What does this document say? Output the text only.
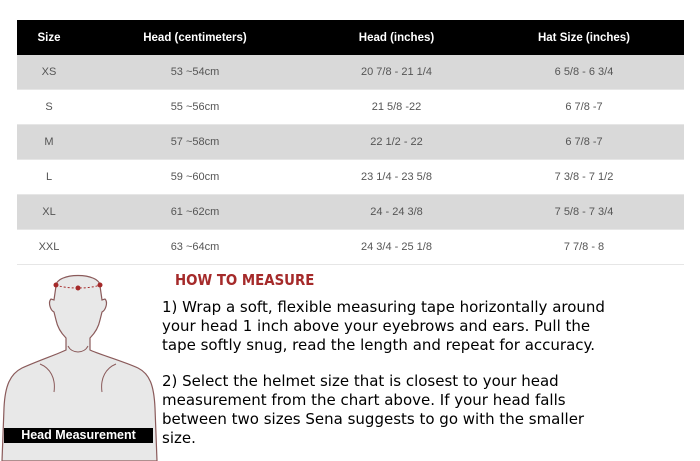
Size	Head (centimeters)	Head (inches)	Hat Size (inches)
XS	53 ~54cm	20 7/8 - 21 1/4	6 5/8 - 6 3/4
S	55 ~56cm	21 5/8 -22	6 7/8 -7
M	57 ~58cm	22 1/2 - 22	6 7/8 -7
L	59 ~60cm	23 1/4 - 23 5/8	7 3/8 - 7 1/2
XL	61 ~62cm	24 - 24 3/8	7 5/8 - 7 3/4
XXL	63 ~64cm	24 3/4 - 25 1/8	7 7/8 - 8
Head Measurement
HOW TO MEASURE

1) Wrap a soft, flexible measuring tape horizontally around
your head 1 inch above your eyebrows and ears. Pull the
tape softly snug, read the length and repeat for accuracy.

2) Select the helmet size that is closest to your head
measurement from the chart above. If your head falls
between two sizes Sena suggests to go with the smaller
size.
